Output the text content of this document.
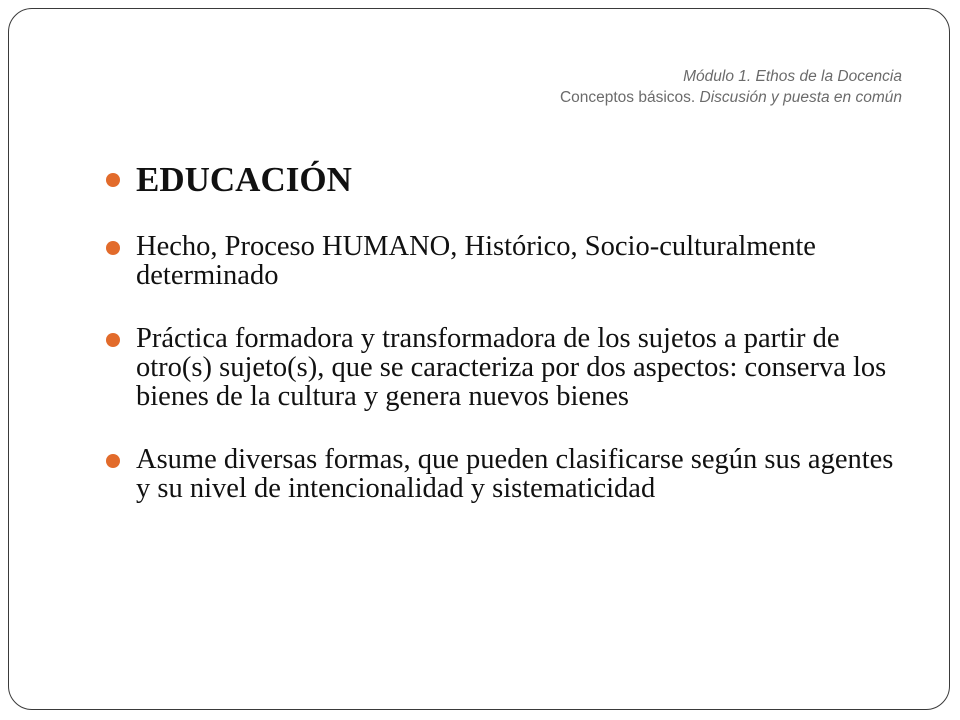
Módulo 1. Ethos de la Docencia
Conceptos básicos. Discusión y puesta en común
EDUCACIÓN
Hecho, Proceso HUMANO, Histórico, Socio-culturalmente determinado
Práctica formadora y transformadora de los sujetos a partir de otro(s) sujeto(s), que se caracteriza por dos aspectos: conserva los bienes de la cultura y genera nuevos bienes
Asume diversas formas, que pueden clasificarse según sus agentes y su nivel de intencionalidad y sistematicidad
